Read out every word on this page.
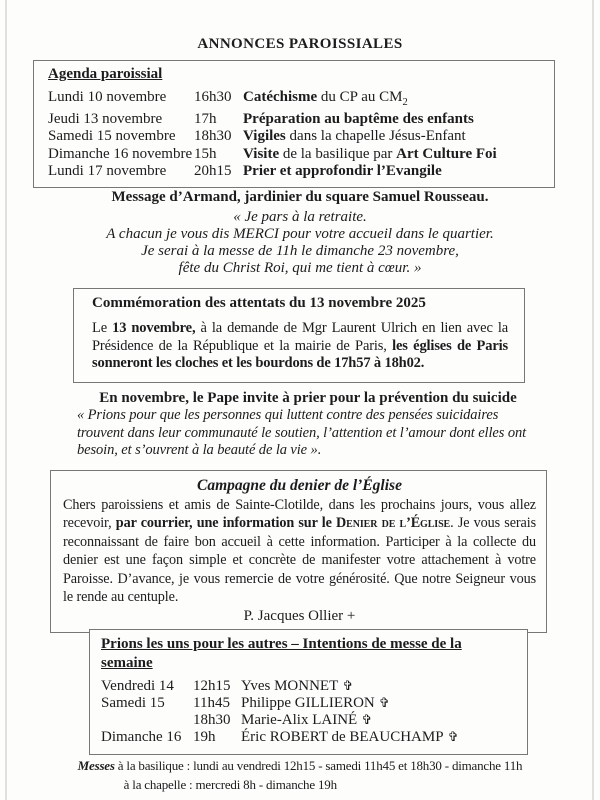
ANNONCES PAROISSIALES
Agenda paroissial
Lundi 10 novembre	16h30 Catéchisme du CP au $CM_2$
Jeudi 13 novembre	17h	Préparation au baptême des enfants
Samedi 15 novembre	18h30 Vigiles dans la chapelle Jésus-Enfant
Dimanche 16 novembre 15h	Visite de la basilique par Art Culture Foi
Lundi 17 novembre	20h15 Prier et approfondir l’Evangile
Message d’Armand, jardinier du square Samuel Rousseau.
« Je pars à la retraite.
A chacun je vous dis MERCI pour votre accueil dans le quartier.
Je serai à la messe de 11h le dimanche 23 novembre,
fête du Christ Roi, qui me tient à cœur. »
Commémoration des attentats du 13 novembre 2025
Le 13 novembre, à la demande de Mgr Laurent Ulrich en lien avec la Présidence de la République et la mairie de Paris, les églises de Paris sonneront les cloches et les bourdons de 17h57 à 18h02.
En novembre, le Pape invite à prier pour la prévention du suicide
« Prions pour que les personnes qui luttent contre des pensées suicidaires trouvent dans leur communauté le soutien, l’attention et l’amour dont elles ont besoin, et s’ouvrent à la beauté de la vie ».
Campagne du denier de l’Église
Chers paroissiens et amis de Sainte-Clotilde, dans les prochains jours, vous allez recevoir, par courrier, une information sur le Denier de l’Église. Je vous serais reconnaissant de faire bon accueil à cette information. Participer à la collecte du denier est une façon simple et concrète de manifester votre attachement à votre Paroisse. D’avance, je vous remercie de votre générosité. Que notre Seigneur vous le rende au centuple.
P. Jacques Ollier +
Prions les uns pour les autres – Intentions de messe de la semaine
Vendredi 14	12h15 Yves MONNET ✞
Samedi 15	11h45 Philippe GILLIERON ✞
18h30 Marie-Alix LAINÉ ✞
Dimanche 16 19h	Éric ROBERT de BEAUCHAMP ✞
Messes à la basilique : lundi au vendredi 12h15 - samedi 11h45 et 18h30 - dimanche 11h
à la chapelle : mercredi 8h - dimanche 19h
